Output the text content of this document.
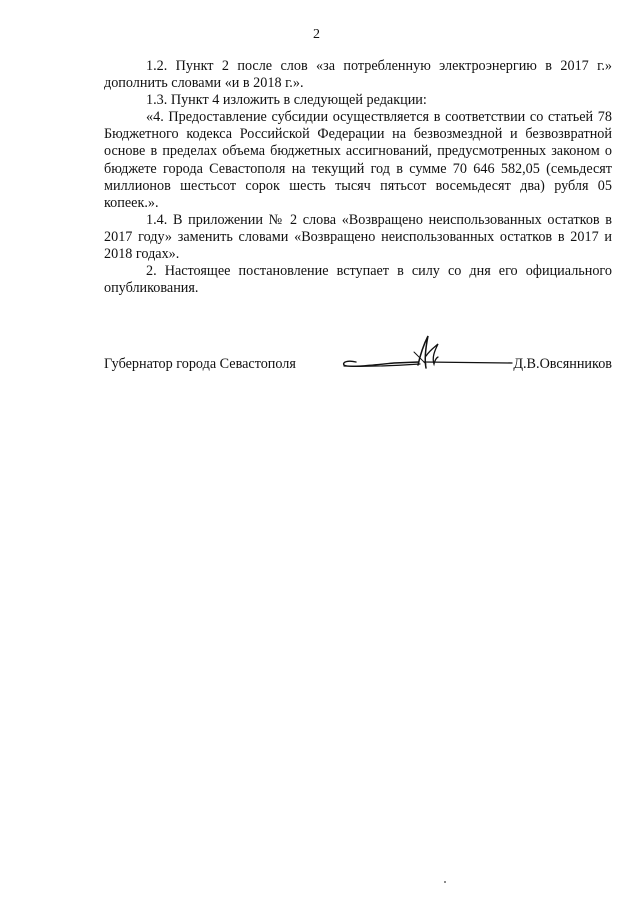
2

1.2. Пункт 2 после слов «за потребленную электроэнергию в 2017 г.» дополнить словами «и в 2018 г.».

1.3. Пункт 4 изложить в следующей редакции:

«4. Предоставление субсидии осуществляется в соответствии со статьей 78 Бюджетного кодекса Российской Федерации на безвозмездной и безвозвратной основе в пределах объема бюджетных ассигнований, предусмотренных законом о бюджете города Севастополя на текущий год в сумме 70 646 582,05 (семьдесят миллионов шестьсот сорок шесть тысяч пятьсот восемьдесят два) рубля 05 копеек.».

1.4. В приложении № 2 слова «Возвращено неиспользованных остатков в 2017 году» заменить словами «Возвращено неиспользованных остатков в 2017 и 2018 годах».

2. Настоящее постановление вступает в силу со дня его официального опубликования.

Губернатор города Севастополя	Д.В.Овсянников
